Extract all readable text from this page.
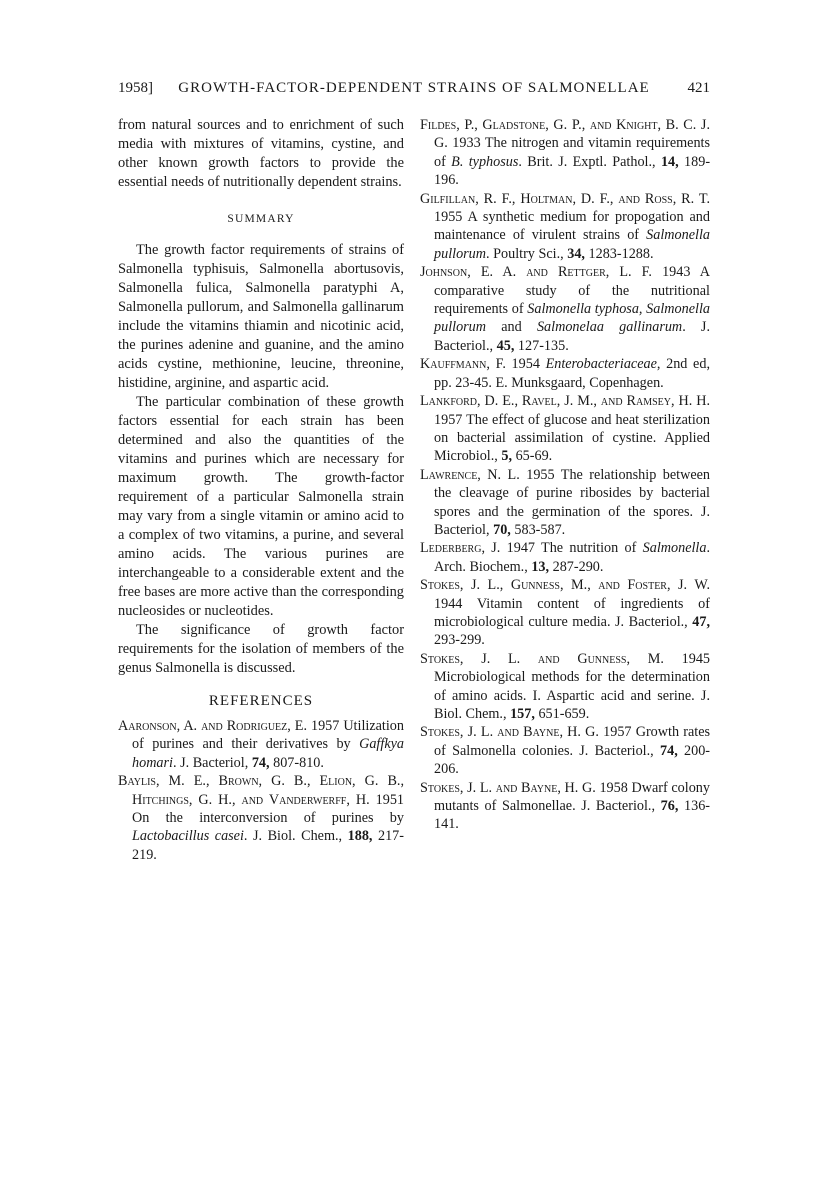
1958]	GROWTH-FACTOR-DEPENDENT STRAINS OF SALMONELLAE	421

from natural sources and to enrichment of such media with mixtures of vitamins, cystine, and other known growth factors to provide the essential needs of nutritionally dependent strains.

SUMMARY

The growth factor requirements of strains of Salmonella typhisuis, Salmonella abortusovis, Salmonella fulica, Salmonella paratyphi A, Salmonella pullorum, and Salmonella gallinarum include the vitamins thiamin and nicotinic acid, the purines adenine and guanine, and the amino acids cystine, methionine, leucine, threonine, histidine, arginine, and aspartic acid.

The particular combination of these growth factors essential for each strain has been determined and also the quantities of the vitamins and purines which are necessary for maximum growth. The growth-factor requirement of a particular Salmonella strain may vary from a single vitamin or amino acid to a complex of two vitamins, a purine, and several amino acids. The various purines are interchangeable to a considerable extent and the free bases are more active than the corresponding nucleosides or nucleotides.

The significance of growth factor requirements for the isolation of members of the genus Salmonella is discussed.

REFERENCES

Aaronson, A. and Rodriguez, E. 1957 Utilization of purines and their derivatives by Gaffkya homari. J. Bacteriol, 74, 807-810.

Baylis, M. E., Brown, G. B., Elion, G. B., Hitchings, G. H., and Vanderwerff, H. 1951 On the interconversion of purines by Lactobacillus casei. J. Biol. Chem., 188, 217-219.

Fildes, P., Gladstone, G. P., and Knight, B. C. J. G. 1933 The nitrogen and vitamin requirements of B. typhosus. Brit. J. Exptl. Pathol., 14, 189-196.

Gilfillan, R. F., Holtman, D. F., and Ross, R. T. 1955 A synthetic medium for propogation and maintenance of virulent strains of Salmonella pullorum. Poultry Sci., 34, 1283-1288.

Johnson, E. A. and Rettger, L. F. 1943 A comparative study of the nutritional requirements of Salmonella typhosa, Salmonella pullorum and Salmonelaa gallinarum. J. Bacteriol., 45, 127-135.

Kauffmann, F. 1954 Enterobacteriaceae, 2nd ed, pp. 23-45. E. Munksgaard, Copenhagen.

Lankford, D. E., Ravel, J. M., and Ramsey, H. H. 1957 The effect of glucose and heat sterilization on bacterial assimilation of cystine. Applied Microbiol., 5, 65-69.

Lawrence, N. L. 1955 The relationship between the cleavage of purine ribosides by bacterial spores and the germination of the spores. J. Bacteriol, 70, 583-587.

Lederberg, J. 1947 The nutrition of Salmonella. Arch. Biochem., 13, 287-290.

Stokes, J. L., Gunness, M., and Foster, J. W. 1944 Vitamin content of ingredients of microbiological culture media. J. Bacteriol., 47, 293-299.

Stokes, J. L. and Gunness, M. 1945 Microbiological methods for the determination of amino acids. I. Aspartic acid and serine. J. Biol. Chem., 157, 651-659.

Stokes, J. L. and Bayne, H. G. 1957 Growth rates of Salmonella colonies. J. Bacteriol., 74, 200-206.

Stokes, J. L. and Bayne, H. G. 1958 Dwarf colony mutants of Salmonellae. J. Bacteriol., 76, 136-141.
